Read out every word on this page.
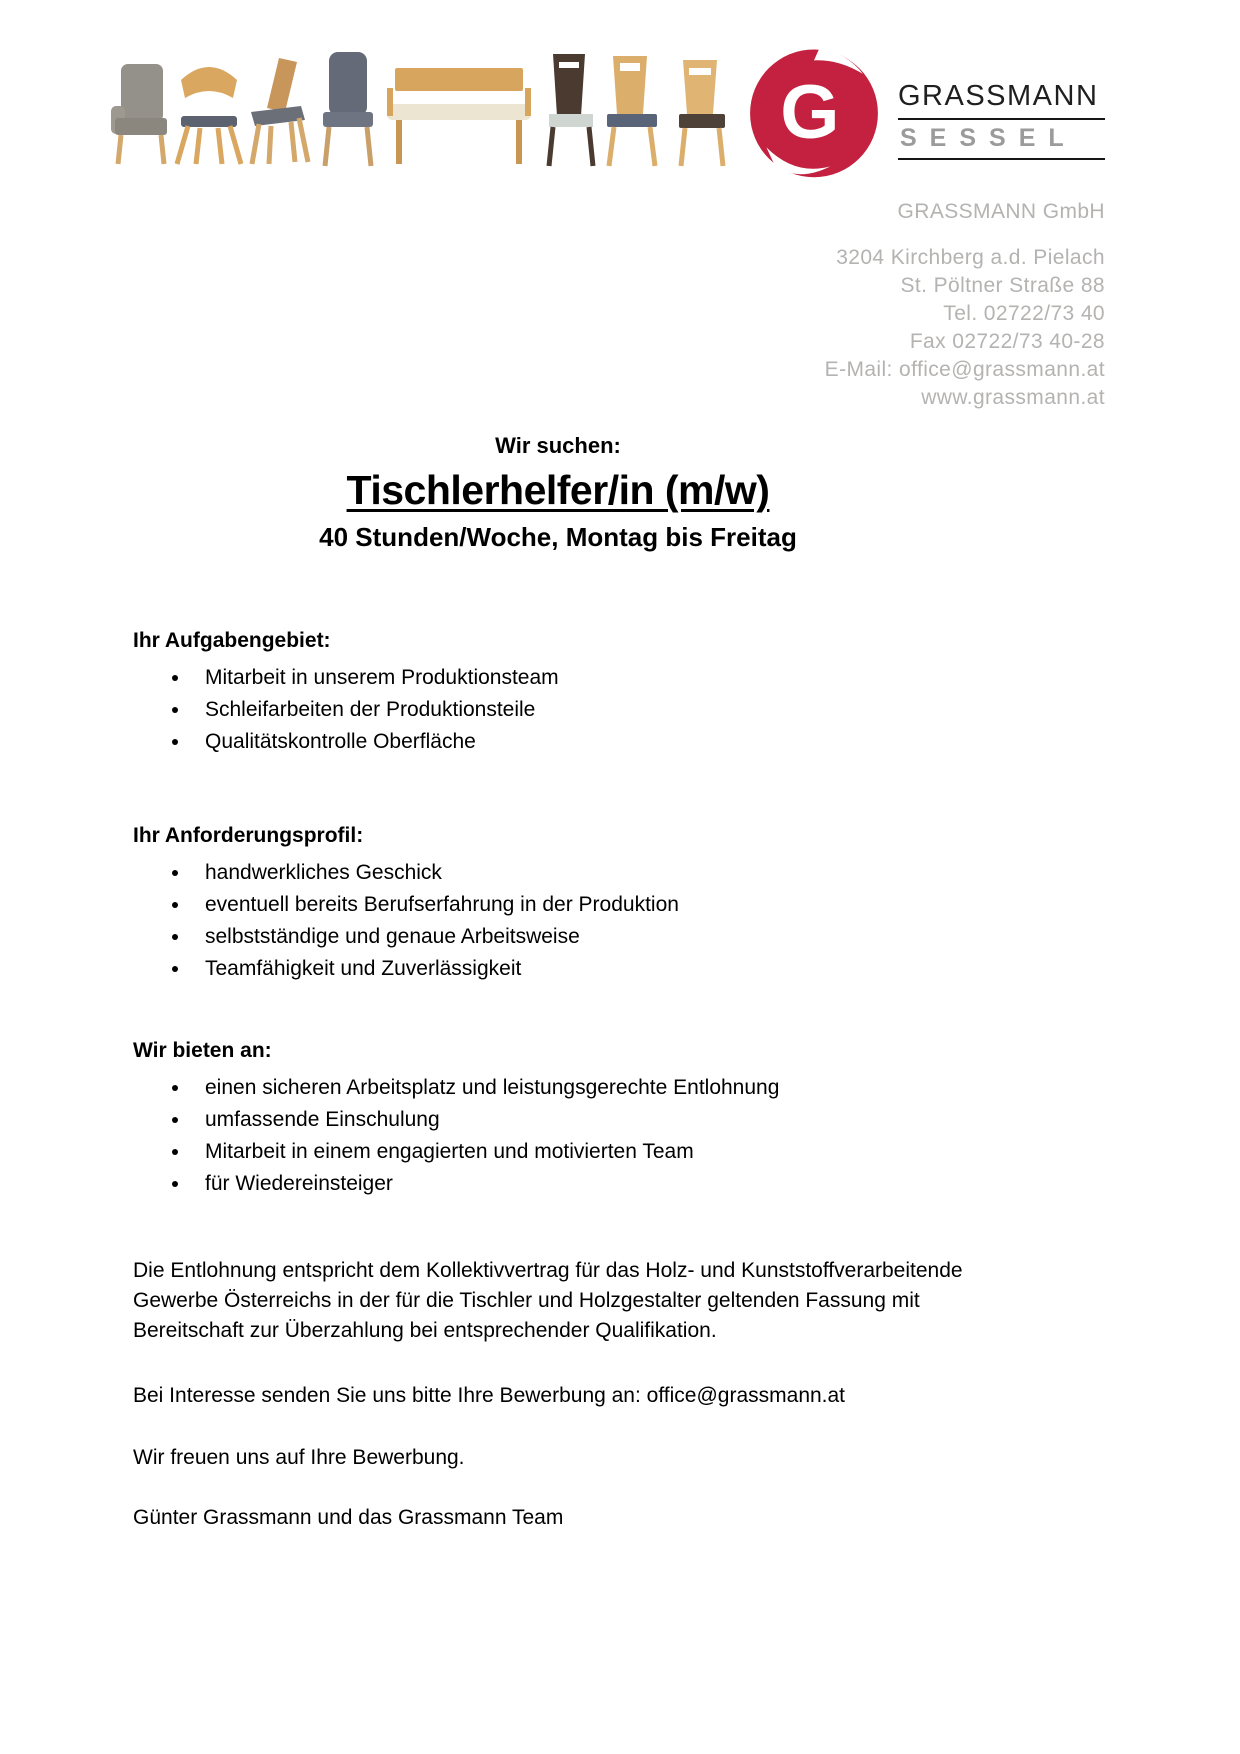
G GRASSMANN
SESSEL
GRASSMANN GmbH
3204 Kirchberg a.d. Pielach
St. Pöltner Straße 88
Tel. 02722/73 40
Fax 02722/73 40-28
E-Mail: office@grassmann.at
www.grassmann.at
Wir suchen:
Tischlerhelfer/in (m/w)
40 Stunden/Woche, Montag bis Freitag
Ihr Aufgabengebiet:
• Mitarbeit in unserem Produktionsteam
• Schleifarbeiten der Produktionsteile
• Qualitätskontrolle Oberfläche
Ihr Anforderungsprofil:
• handwerkliches Geschick
• eventuell bereits Berufserfahrung in der Produktion
• selbstständige und genaue Arbeitsweise
• Teamfähigkeit und Zuverlässigkeit
Wir bieten an:
• einen sicheren Arbeitsplatz und leistungsgerechte Entlohnung
• umfassende Einschulung
• Mitarbeit in einem engagierten und motivierten Team
• für Wiedereinsteiger
Die Entlohnung entspricht dem Kollektivvertrag für das Holz- und Kunststoffverarbeitende
Gewerbe Österreichs in der für die Tischler und Holzgestalter geltenden Fassung mit
Bereitschaft zur Überzahlung bei entsprechender Qualifikation.
Bei Interesse senden Sie uns bitte Ihre Bewerbung an: office@grassmann.at
Wir freuen uns auf Ihre Bewerbung.
Günter Grassmann und das Grassmann Team
